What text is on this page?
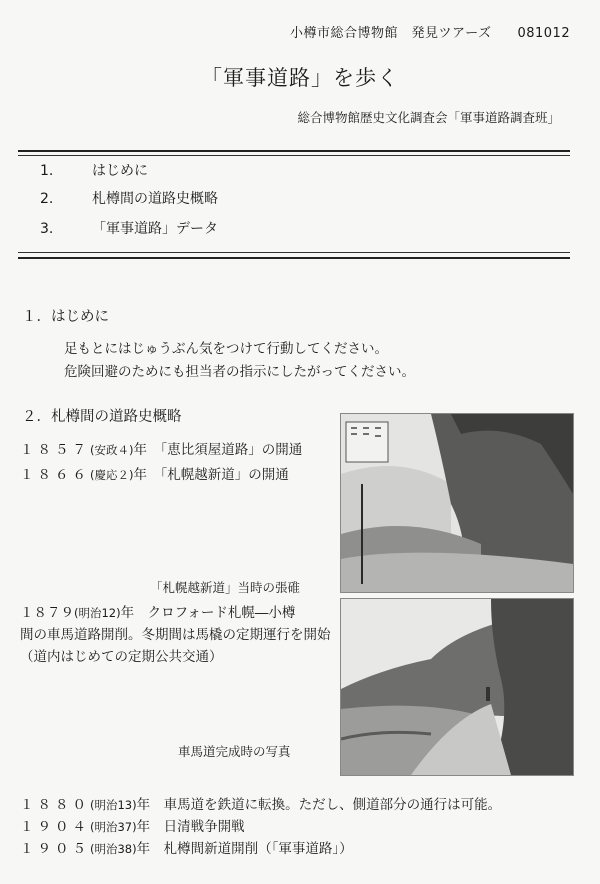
小樽市総合博物館　発見ツアーズ 081012
「軍事道路」を歩く
総合博物館歴史文化調査会「軍事道路調査班」
1.	はじめに
2.	札樽間の道路史概略
3.	「軍事道路」データ
１．はじめに
足もとにはじゅうぶん気をつけて行動してください。
危険回避のためにも担当者の指示にしたがってください。
２．札樽間の道路史概略
１８５７(安政４)年　「恵比須屋道路」の開通
１８６６(慶応２)年　「札幌越新道」の開通
「札幌越新道」当時の張碓
１８７９(明治12)年　クロフォード札幌―小樽
間の車馬道路開削。冬期間は馬橇の定期運行を開始
（道内はじめての定期公共交通）
車馬道完成時の写真
１８８０(明治13)年　車馬道を鉄道に転換。ただし、側道部分の通行は可能。
１９０４(明治37)年　日清戦争開戦
１９０５(明治38)年　札樽間新道開削（「軍事道路」）
